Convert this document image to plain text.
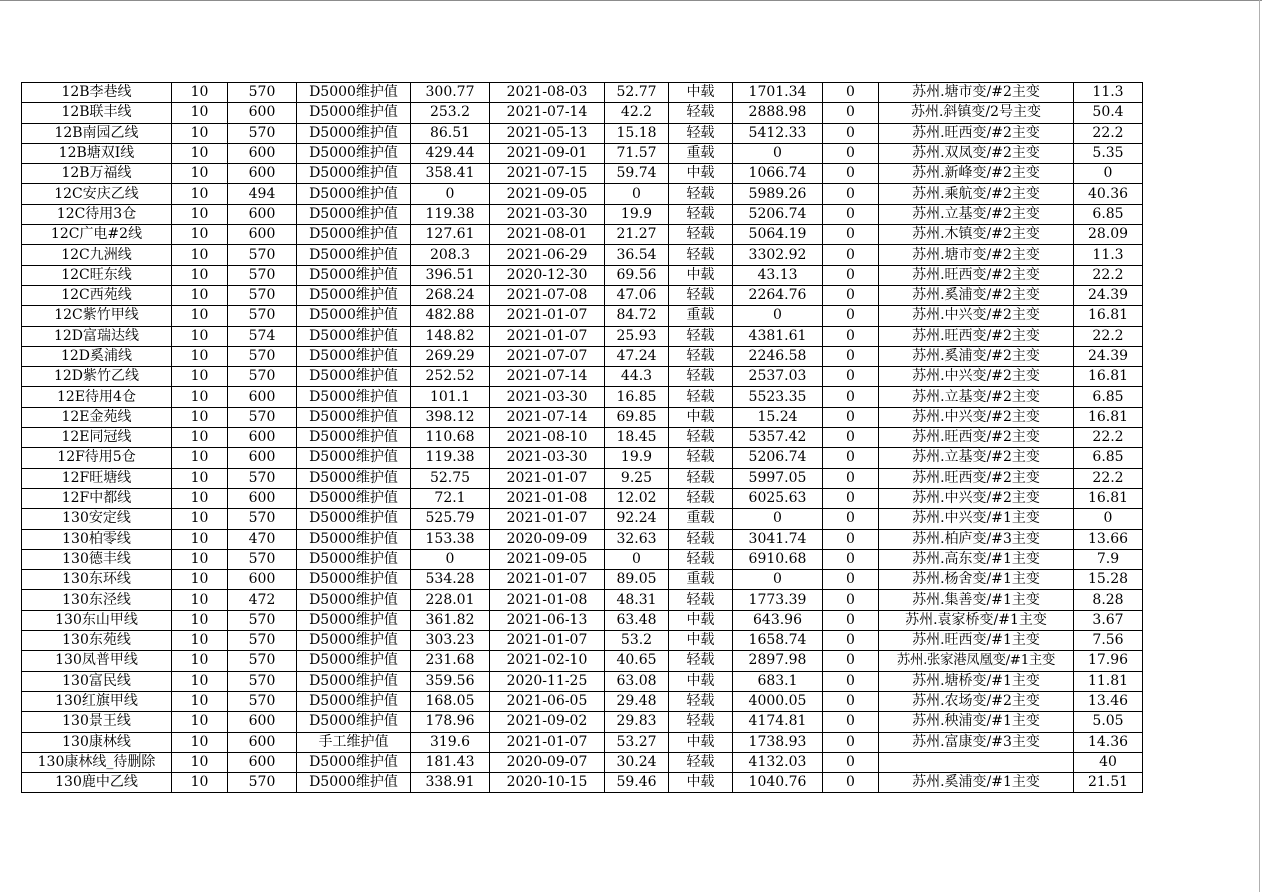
12B李巷线	10	570	D5000维护值	300.77	2021-08-03	52.77	中载	1701.34	0	苏州.塘市变/#2主变	11.3
12B联丰线	10	600	D5000维护值	253.2	2021-07-14	42.2	轻载	2888.98	0	苏州.斜镇变/2号主变	50.4
12B南园乙线	10	570	D5000维护值	86.51	2021-05-13	15.18	轻载	5412.33	0	苏州.旺西变/#2主变	22.2
12B塘双Ⅰ线	10	600	D5000维护值	429.44	2021-09-01	71.57	重载	0	0	苏州.双凤变/#2主变	5.35
12B万福线	10	600	D5000维护值	358.41	2021-07-15	59.74	中载	1066.74	0	苏州.新峰变/#2主变	0
12C安庆乙线	10	494	D5000维护值	0	2021-09-05	0	轻载	5989.26	0	苏州.乘航变/#2主变	40.36
12C待用3仓	10	600	D5000维护值	119.38	2021-03-30	19.9	轻载	5206.74	0	苏州.立基变/#2主变	6.85
12C广电#2线	10	600	D5000维护值	127.61	2021-08-01	21.27	轻载	5064.19	0	苏州.木镇变/#2主变	28.09
12C九洲线	10	570	D5000维护值	208.3	2021-06-29	36.54	轻载	3302.92	0	苏州.塘市变/#2主变	11.3
12C旺东线	10	570	D5000维护值	396.51	2020-12-30	69.56	中载	43.13	0	苏州.旺西变/#2主变	22.2
12C西苑线	10	570	D5000维护值	268.24	2021-07-08	47.06	轻载	2264.76	0	苏州.奚浦变/#2主变	24.39
12C紫竹甲线	10	570	D5000维护值	482.88	2021-01-07	84.72	重载	0	0	苏州.中兴变/#2主变	16.81
12D富瑞达线	10	574	D5000维护值	148.82	2021-01-07	25.93	轻载	4381.61	0	苏州.旺西变/#2主变	22.2
12D奚浦线	10	570	D5000维护值	269.29	2021-07-07	47.24	轻载	2246.58	0	苏州.奚浦变/#2主变	24.39
12D紫竹乙线	10	570	D5000维护值	252.52	2021-07-14	44.3	轻载	2537.03	0	苏州.中兴变/#2主变	16.81
12E待用4仓	10	600	D5000维护值	101.1	2021-03-30	16.85	轻载	5523.35	0	苏州.立基变/#2主变	6.85
12E金苑线	10	570	D5000维护值	398.12	2021-07-14	69.85	中载	15.24	0	苏州.中兴变/#2主变	16.81
12E同冠线	10	600	D5000维护值	110.68	2021-08-10	18.45	轻载	5357.42	0	苏州.旺西变/#2主变	22.2
12F待用5仓	10	600	D5000维护值	119.38	2021-03-30	19.9	轻载	5206.74	0	苏州.立基变/#2主变	6.85
12F旺塘线	10	570	D5000维护值	52.75	2021-01-07	9.25	轻载	5997.05	0	苏州.旺西变/#2主变	22.2
12F中都线	10	600	D5000维护值	72.1	2021-01-08	12.02	轻载	6025.63	0	苏州.中兴变/#2主变	16.81
130安定线	10	570	D5000维护值	525.79	2021-01-07	92.24	重载	0	0	苏州.中兴变/#1主变	0
130柏零线	10	470	D5000维护值	153.38	2020-09-09	32.63	轻载	3041.74	0	苏州.柏庐变/#3主变	13.66
130德丰线	10	570	D5000维护值	0	2021-09-05	0	轻载	6910.68	0	苏州.高东变/#1主变	7.9
130东环线	10	600	D5000维护值	534.28	2021-01-07	89.05	重载	0	0	苏州.杨舍变/#1主变	15.28
130东泾线	10	472	D5000维护值	228.01	2021-01-08	48.31	轻载	1773.39	0	苏州.集善变/#1主变	8.28
130东山甲线	10	570	D5000维护值	361.82	2021-06-13	63.48	中载	643.96	0	苏州.袁家桥变/#1主变	3.67
130东苑线	10	570	D5000维护值	303.23	2021-01-07	53.2	中载	1658.74	0	苏州.旺西变/#1主变	7.56
130凤普甲线	10	570	D5000维护值	231.68	2021-02-10	40.65	轻载	2897.98	0	苏州.张家港凤凰变/#1主变	17.96
130富民线	10	570	D5000维护值	359.56	2020-11-25	63.08	中载	683.1	0	苏州.塘桥变/#1主变	11.81
130红旗甲线	10	570	D5000维护值	168.05	2021-06-05	29.48	轻载	4000.05	0	苏州.农场变/#2主变	13.46
130景王线	10	600	D5000维护值	178.96	2021-09-02	29.83	轻载	4174.81	0	苏州.秧浦变/#1主变	5.05
130康林线	10	600	手工维护值	319.6	2021-01-07	53.27	中载	1738.93	0	苏州.富康变/#3主变	14.36
130康林线_待删除	10	600	D5000维护值	181.43	2020-09-07	30.24	轻载	4132.03	0		40
130鹿中乙线	10	570	D5000维护值	338.91	2020-10-15	59.46	中载	1040.76	0	苏州.奚浦变/#1主变	21.51
